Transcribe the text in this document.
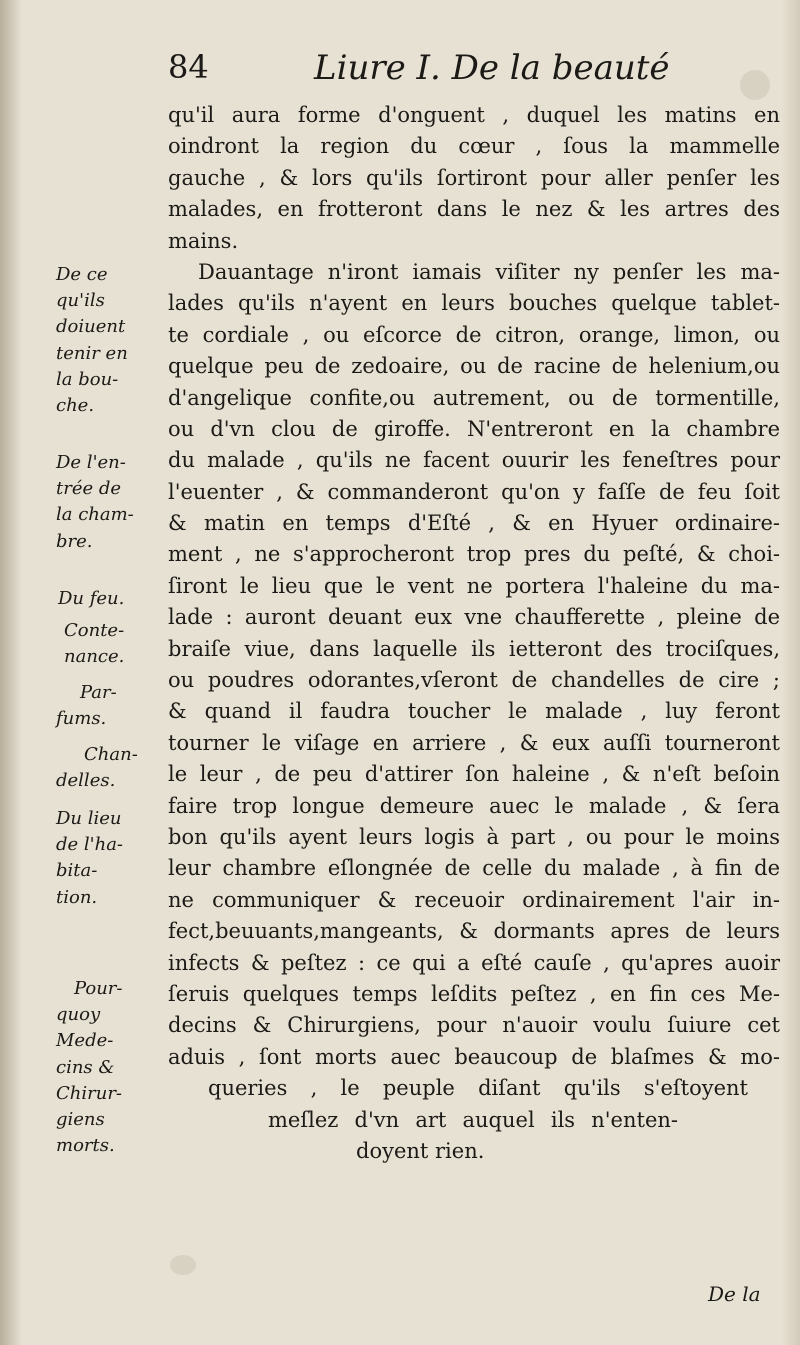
84	Liure I. De la beauté
qu'il aura forme d'onguent , duquel les matins en
oindront la region du cœur , ſous la mammelle
gauche , & lors qu'ils ſortiront pour aller penſer les
malades, en frotteront dans le nez & les artres des
mains.
Dauantage n'iront iamais viſiter ny penſer les ma-
lades qu'ils n'ayent en leurs bouches quelque tablet-
te cordiale , ou eſcorce de citron, orange, limon, ou
quelque peu de zedoaire, ou de racine de helenium,ou
d'angelique confite,ou autrement, ou de tormentille,
ou d'vn clou de giroffe. N'entreront en la chambre
du malade , qu'ils ne facent ouurir les feneſtres pour
l'euenter , & commanderont qu'on y faſſe de feu ſoit
& matin en temps d'Eſté , & en Hyuer ordinaire-
ment , ne s'approcheront trop pres du peſté, & choi-
ſiront le lieu que le vent ne portera l'haleine du ma-
lade : auront deuant eux vne chaufferette , pleine de
braiſe viue, dans laquelle ils ietteront des trociſques,
ou poudres odorantes,vſeront de chandelles de cire ;
& quand il faudra toucher le malade , luy feront
tourner le viſage en arriere , & eux auſſi tourneront
le leur , de peu d'attirer ſon haleine , & n'eſt beſoin
faire trop longue demeure auec le malade , & ſera
bon qu'ils ayent leurs logis à part , ou pour le moins
leur chambre eſlongnée de celle du malade , à fin de
ne communiquer & receuoir ordinairement l'air in-
fect,beuuants,mangeants, & dormants apres de leurs
infects & peſtez : ce qui a eſté cauſe , qu'apres auoir
ſeruis quelques temps leſdits peſtez , en fin ces Me-
decins & Chirurgiens, pour n'auoir voulu ſuiure cet
aduis , ſont morts auec beaucoup de blaſmes & mo-
queries , le peuple diſant qu'ils s'eſtoyent
meſlez d'vn art auquel ils n'enten-
doyent rien.
De ce
qu'ils
doiuent
tenir en
la bou-
che.
De l'en-
trée de
la cham-
bre.
Du feu.
Conte-
nance.
Par-
fums.
Chan-
delles.
Du lieu
de l'ha-
bita-
tion.
Pour-
quoy
Mede-
cins &
Chirur-
giens
morts.
De la
